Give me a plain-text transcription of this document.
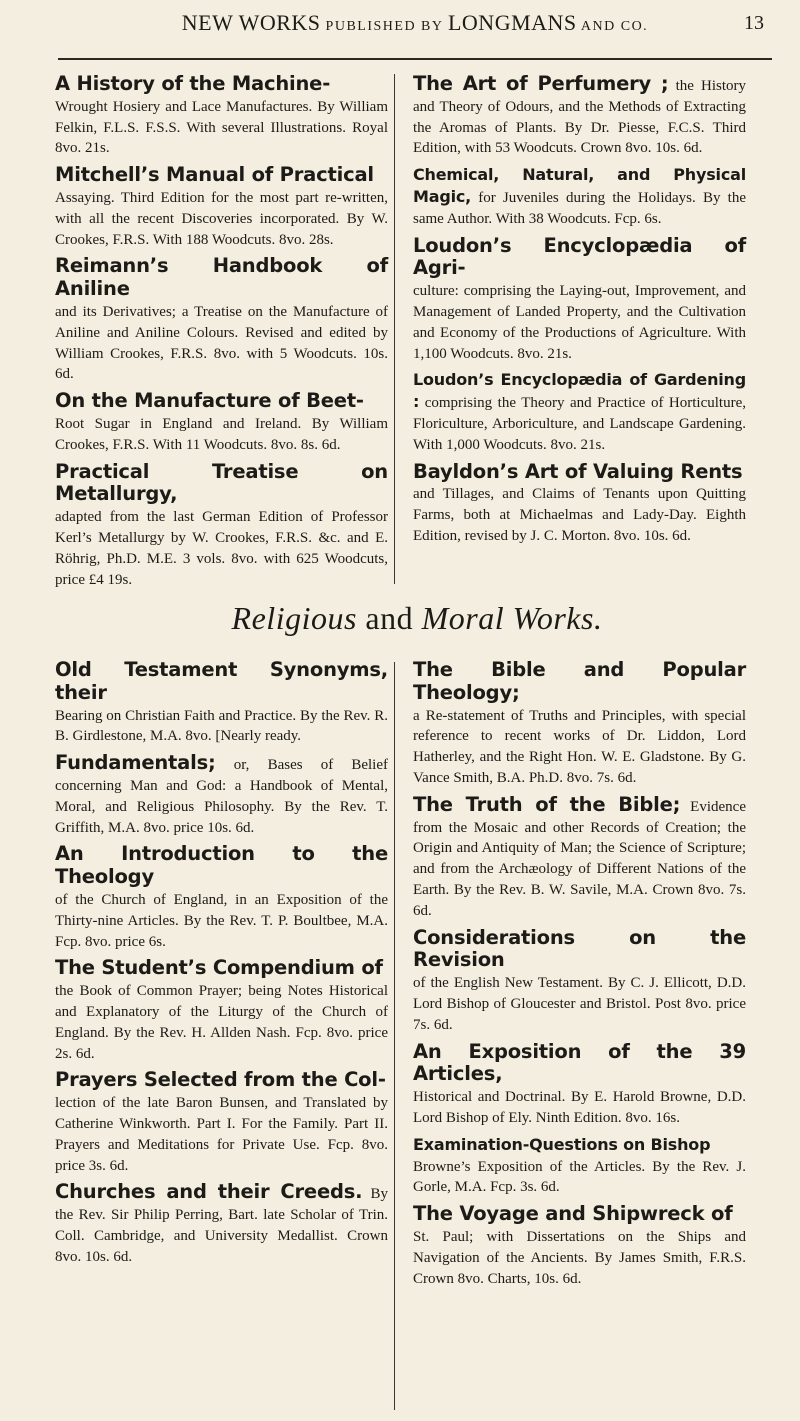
NEW WORKS PUBLISHED BY LONGMANS AND CO.	13
A History of the Machine-
Wrought Hosiery and Lace Manufactures. By William Felkin, F.L.S. F.S.S. With several Illustrations. Royal 8vo. 21s.
Mitchell’s Manual of Practical
Assaying. Third Edition for the most part re-written, with all the recent Discoveries incorporated. By W. Crookes, F.R.S. With 188 Woodcuts. 8vo. 28s.
Reimann’s Handbook of Aniline
and its Derivatives; a Treatise on the Manufacture of Aniline and Aniline Colours. Revised and edited by William Crookes, F.R.S. 8vo. with 5 Woodcuts. 10s. 6d.
On the Manufacture of Beet-
Root Sugar in England and Ireland. By William Crookes, F.R.S. With 11 Woodcuts. 8vo. 8s. 6d.
Practical Treatise on Metallurgy,
adapted from the last German Edition of Professor Kerl’s Metallurgy by W. Crookes, F.R.S. &c. and E. Röhrig, Ph.D. M.E. 3 vols. 8vo. with 625 Woodcuts, price £4 19s.
The Art of Perfumery ; the History and Theory of Odours, and the Methods of Extracting the Aromas of Plants. By Dr. Piesse, F.C.S. Third Edition, with 53 Woodcuts. Crown 8vo. 10s. 6d.
Chemical, Natural, and Physical Magic, for Juveniles during the Holidays. By the same Author. With 38 Woodcuts. Fcp. 6s.
Loudon’s Encyclopædia of Agri-
culture: comprising the Laying-out, Improvement, and Management of Landed Property, and the Cultivation and Economy of the Productions of Agriculture. With 1,100 Woodcuts. 8vo. 21s.
Loudon’s Encyclopædia of Gardening : comprising the Theory and Practice of Horticulture, Floriculture, Arboriculture, and Landscape Gardening. With 1,000 Woodcuts. 8vo. 21s.
Bayldon’s Art of Valuing Rents
and Tillages, and Claims of Tenants upon Quitting Farms, both at Michaelmas and Lady-Day. Eighth Edition, revised by J. C. Morton. 8vo. 10s. 6d.
Religious and Moral Works.
Old Testament Synonyms, their
Bearing on Christian Faith and Practice. By the Rev. R. B. Girdlestone, M.A. 8vo. [Nearly ready.
Fundamentals; or, Bases of Belief concerning Man and God: a Handbook of Mental, Moral, and Religious Philosophy. By the Rev. T. Griffith, M.A. 8vo. price 10s. 6d.
An Introduction to the Theology
of the Church of England, in an Exposition of the Thirty-nine Articles. By the Rev. T. P. Boultbee, M.A. Fcp. 8vo. price 6s.
The Student’s Compendium of
the Book of Common Prayer; being Notes Historical and Explanatory of the Liturgy of the Church of England. By the Rev. H. Allden Nash. Fcp. 8vo. price 2s. 6d.
Prayers Selected from the Col-
lection of the late Baron Bunsen, and Translated by Catherine Winkworth. Part I. For the Family. Part II. Prayers and Meditations for Private Use. Fcp. 8vo. price 3s. 6d.
Churches and their Creeds. By the Rev. Sir Philip Perring, Bart. late Scholar of Trin. Coll. Cambridge, and University Medallist. Crown 8vo. 10s. 6d.
The Bible and Popular Theology;
a Re-statement of Truths and Principles, with special reference to recent works of Dr. Liddon, Lord Hatherley, and the Right Hon. W. E. Gladstone. By G. Vance Smith, B.A. Ph.D. 8vo. 7s. 6d.
The Truth of the Bible; Evidence from the Mosaic and other Records of Creation; the Origin and Antiquity of Man; the Science of Scripture; and from the Archæology of Different Nations of the Earth. By the Rev. B. W. Savile, M.A. Crown 8vo. 7s. 6d.
Considerations on the Revision
of the English New Testament. By C. J. Ellicott, D.D. Lord Bishop of Gloucester and Bristol. Post 8vo. price 7s. 6d.
An Exposition of the 39 Articles,
Historical and Doctrinal. By E. Harold Browne, D.D. Lord Bishop of Ely. Ninth Edition. 8vo. 16s.
Examination-Questions on Bishop
Browne’s Exposition of the Articles. By the Rev. J. Gorle, M.A. Fcp. 3s. 6d.
The Voyage and Shipwreck of
St. Paul; with Dissertations on the Ships and Navigation of the Ancients. By James Smith, F.R.S. Crown 8vo. Charts, 10s. 6d.
